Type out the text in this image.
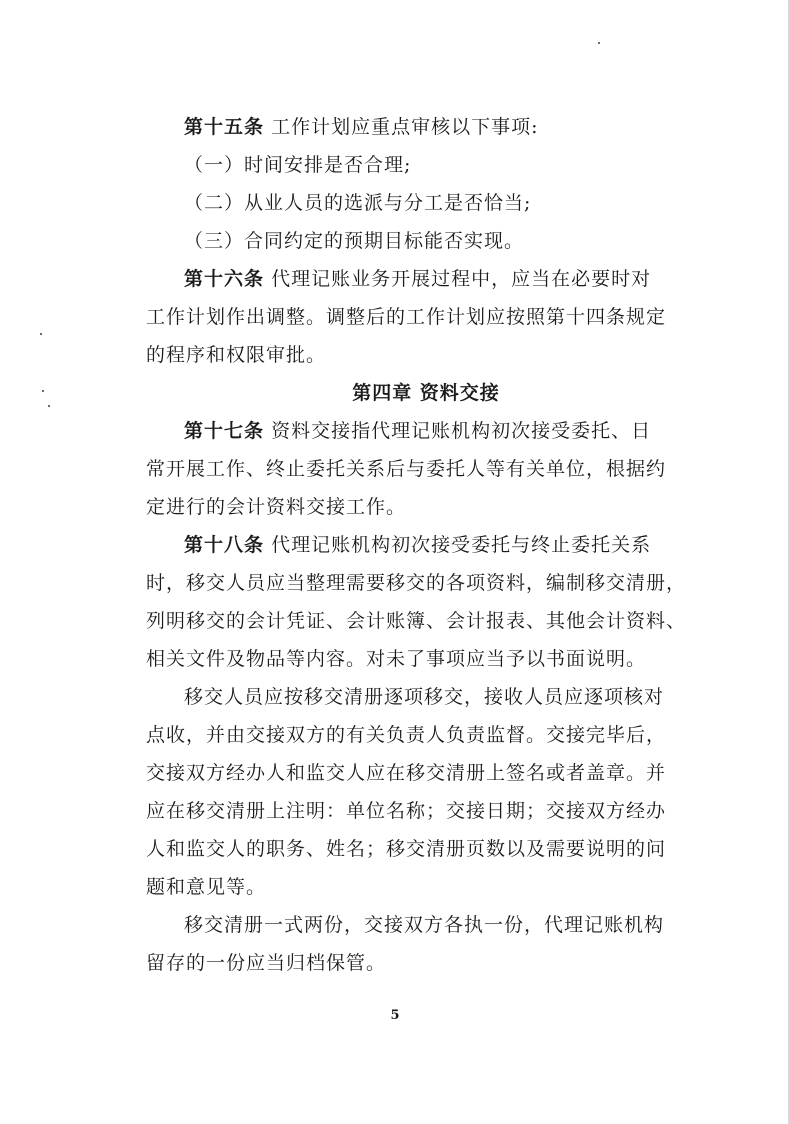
第十五条 工作计划应重点审核以下事项:
（一）时间安排是否合理;
（二）从业人员的选派与分工是否恰当;
（三）合同约定的预期目标能否实现。
第十六条 代理记账业务开展过程中，应当在必要时对
工作计划作出调整。调整后的工作计划应按照第十四条规定
的程序和权限审批。
第四章 资料交接
第十七条 资料交接指代理记账机构初次接受委托、日
常开展工作、终止委托关系后与委托人等有关单位，根据约
定进行的会计资料交接工作。
第十八条 代理记账机构初次接受委托与终止委托关系
时，移交人员应当整理需要移交的各项资料，编制移交清册，
列明移交的会计凭证、会计账簿、会计报表、其他会计资料、
相关文件及物品等内容。对未了事项应当予以书面说明。
移交人员应按移交清册逐项移交，接收人员应逐项核对
点收，并由交接双方的有关负责人负责监督。交接完毕后，
交接双方经办人和监交人应在移交清册上签名或者盖章。并
应在移交清册上注明：单位名称；交接日期；交接双方经办
人和监交人的职务、姓名；移交清册页数以及需要说明的问
题和意见等。
移交清册一式两份，交接双方各执一份，代理记账机构
留存的一份应当归档保管。
5
